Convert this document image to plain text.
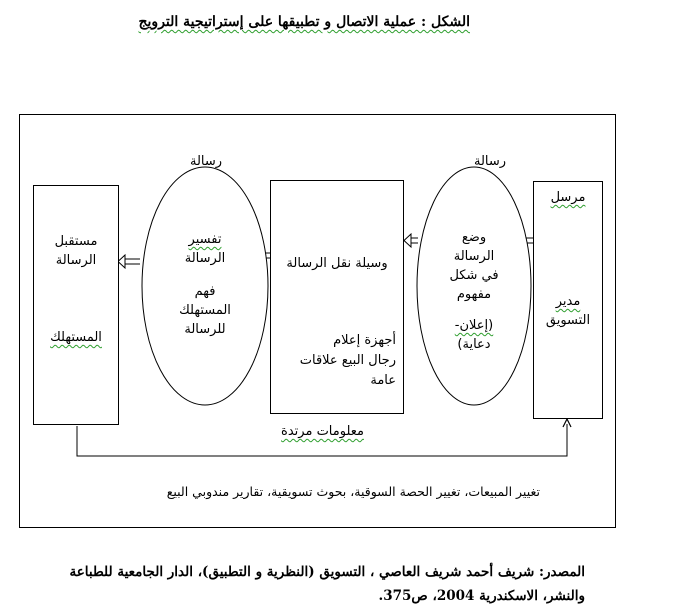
الشكل : عملية الاتصال و تطبيقها على إستراتيجية الترويج
رسالة	رسالة
مرسل
مدير
التسويق
وضع
الرسالة
في شكل
مفهوم
(إعلان-
دعاية)
وسيلة نقل الرسالة
أجهزة إعلام
رجال البيع علاقات
عامة
تفسير
الرسالة
فهم
المستهلك
للرسالة
مستقبل
الرسالة
المستهلك
معلومات مرتدة
تغيير المبيعات، تغيير الحصة السوقية، بحوث تسويقية، تقارير مندوبي البيع
المصدر: شريف أحمد شريف العاصي ، التسويق (النظرية و التطبيق)، الدار الجامعية للطباعة
والنشر، الاسكندرية 2004، ص375.
